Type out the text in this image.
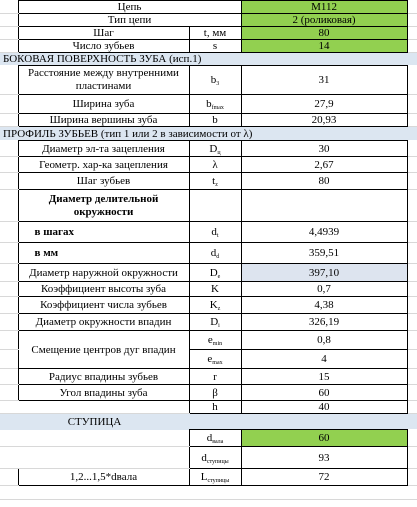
	Цепь		М112	
	Тип цепи		2 (роликовая)	
	Шаг	t, мм	80	
	Число зубьев	s	14	
БОКОВАЯ ПОВЕРХНОСТЬ ЗУБА (исп.1)				
	Расстояние между внутренними пластинами	$b_3$	31	
	Ширина зуба	$b_{fmax}$	27,9	
	Ширина вершины зуба	b	20,93	
ПРОФИЛЬ ЗУБЬЕВ (тип 1 или 2 в зависимости от λ)				
	Диаметр эл-та зацепления	$D_ц$	30	
	Геометр. хар-ка зацепления	λ	2,67	
	Шаг зубьев	$t_z$	80	
	Диаметр делительной окружности			
	в шагах	$d_t$	4,4939	
	в мм	$d_d$	359,51	
	Диаметр наружной окружности	$D_e$	397,10	
	Коэффициент высоты зуба	K	0,7	
	Коэффициент числа зубьев	$K_z$	4,38	
	Диаметр окружности впадин	$D_i$	326,19	
	Смещение центров дуг впадин	$e_{min}$	0,8	
		$e_{max}$	4	
	Радиус впадины зубьев	r	15	
	Угол впадины зуба	β	60	
		h	40	
СТУПИЦА				
		$d_{вала}$	60	
		$d_{ступицы}$	93	
	1,2...1,5*dвала	$L_{ступицы}$	72	
